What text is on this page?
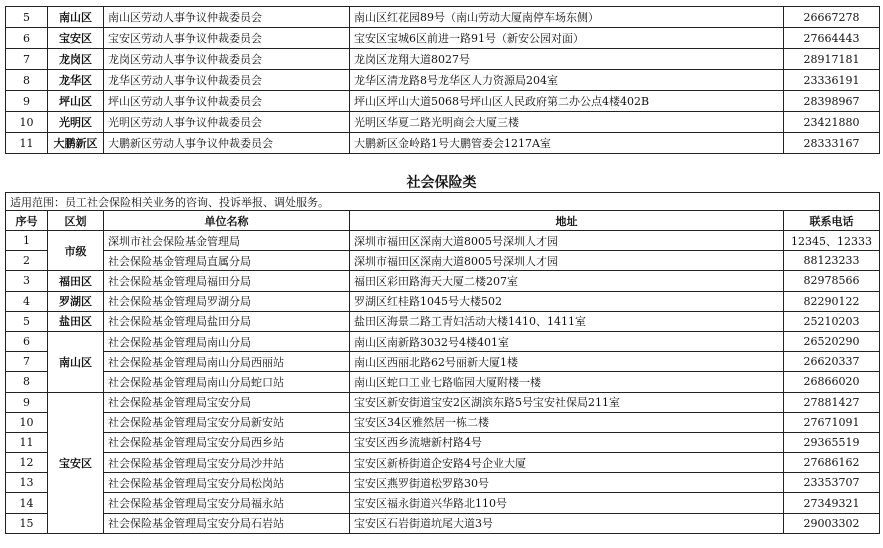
5	南山区	南山区劳动人事争议仲裁委员会	南山区红花园89号（南山劳动大厦南停车场东侧）	26667278
6	宝安区	宝安区劳动人事争议仲裁委员会	宝安区宝城6区前进一路91号（新安公园对面）	27664443
7	龙岗区	龙岗区劳动人事争议仲裁委员会	龙岗区龙翔大道8027号	28917181
8	龙华区	龙华区劳动人事争议仲裁委员会	龙华区清龙路8号龙华区人力资源局204室	23336191
9	坪山区	坪山区劳动人事争议仲裁委员会	坪山区坪山大道5068号坪山区人民政府第二办公点4楼402B	28398967
10	光明区	光明区劳动人事争议仲裁委员会	光明区华夏二路光明商会大厦三楼	23421880
11	大鹏新区	大鹏新区劳动人事争议仲裁委员会	大鹏新区金岭路1号大鹏管委会1217A室	28333167
社会保险类
适用范围：员工社会保险相关业务的咨询、投诉举报、调处服务。				
序号	区划	单位名称	地址	联系电话
1	市级	深圳市社会保险基金管理局	深圳市福田区深南大道8005号深圳人才园	12345、12333
2		社会保险基金管理局直属分局	深圳市福田区深南大道8005号深圳人才园	88123233
3	福田区	社会保险基金管理局福田分局	福田区彩田路海天大厦二楼207室	82978566
4	罗湖区	社会保险基金管理局罗湖分局	罗湖区红桂路1045号大楼502	82290122
5	盐田区	社会保险基金管理局盐田分局	盐田区海景二路工青妇活动大楼1410、1411室	25210203
6	南山区	社会保险基金管理局南山分局	南山区南新路3032号4楼401室	26520290
7		社会保险基金管理局南山分局西丽站	南山区西丽北路62号丽新大厦1楼	26620337
8		社会保险基金管理局南山分局蛇口站	南山区蛇口工业七路临园大厦附楼一楼	26866020
9	宝安区	社会保险基金管理局宝安分局	宝安区新安街道宝安2区湖滨东路5号宝安社保局211室	27881427
10		社会保险基金管理局宝安分局新安站	宝安区34区雅然居一栋二楼	27671091
11		社会保险基金管理局宝安分局西乡站	宝安区西乡流塘新村路4号	29365519
12		社会保险基金管理局宝安分局沙井站	宝安区新桥街道企安路4号企业大厦	27686162
13		社会保险基金管理局宝安分局松岗站	宝安区燕罗街道松罗路30号	23353707
14		社会保险基金管理局宝安分局福永站	宝安区福永街道兴华路北110号	27349321
15		社会保险基金管理局宝安分局石岩站	宝安区石岩街道坑尾大道3号	29003302
